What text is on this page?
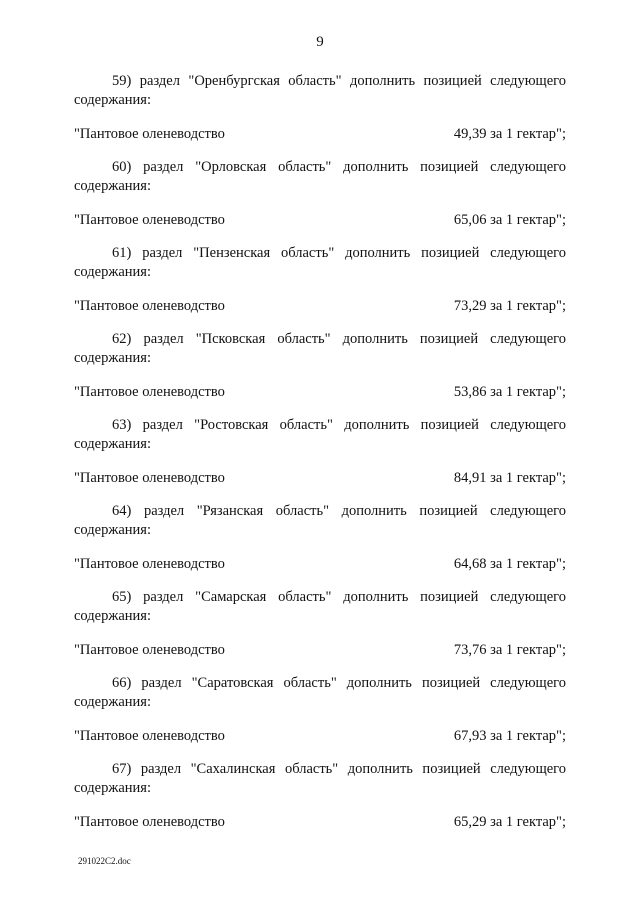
9
59) раздел "Оренбургская область" дополнить позицией следующего содержания:
"Пантовое оленеводство	49,39 за 1 гектар";
60) раздел "Орловская область" дополнить позицией следующего содержания:
"Пантовое оленеводство	65,06 за 1 гектар";
61) раздел "Пензенская область" дополнить позицией следующего содержания:
"Пантовое оленеводство	73,29 за 1 гектар";
62) раздел "Псковская область" дополнить позицией следующего содержания:
"Пантовое оленеводство	53,86 за 1 гектар";
63) раздел "Ростовская область" дополнить позицией следующего содержания:
"Пантовое оленеводство	84,91 за 1 гектар";
64) раздел "Рязанская область" дополнить позицией следующего содержания:
"Пантовое оленеводство	64,68 за 1 гектар";
65) раздел "Самарская область" дополнить позицией следующего содержания:
"Пантовое оленеводство	73,76 за 1 гектар";
66) раздел "Саратовская область" дополнить позицией следующего содержания:
"Пантовое оленеводство	67,93 за 1 гектар";
67) раздел "Сахалинская область" дополнить позицией следующего содержания:
"Пантовое оленеводство	65,29 за 1 гектар";
291022C2.doc
